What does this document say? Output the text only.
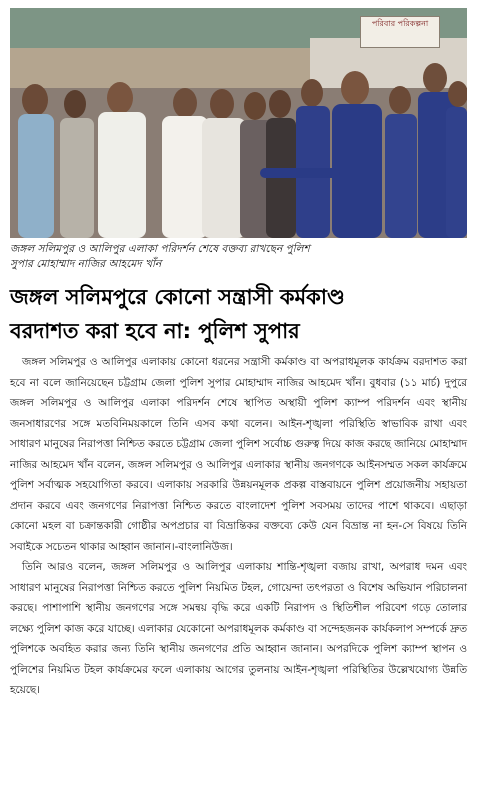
পরিবার পরিকল্পনা
জঙ্গল সলিমপুর ও আলিপুর এলাকা পরিদর্শন শেষে বক্তব্য রাখছেন পুলিশ
সুপার মোহাম্মাদ নাজির আহমেদ খাঁন
জঙ্গল সলিমপুরে কোনো সন্ত্রাসী কর্মকাণ্ড
বরদাশত করা হবে না: পুলিশ সুপার

জঙ্গল সলিমপুর ও আলিপুর এলাকায় কোনো ধরনের সন্ত্রাসী কর্মকাণ্ড বা অপরাধমূলক কার্যক্রম বরদাশত করা হবে না বলে জানিয়েছেন চট্টগ্রাম জেলা পুলিশ সুপার মোহাম্মাদ নাজির আহমেদ খাঁন। বুধবার (১১ মার্চ) দুপুরে জঙ্গল সলিমপুর ও আলিপুর এলাকা পরিদর্শন শেষে স্থাপিত অস্থায়ী পুলিশ ক্যাম্প পরিদর্শন এবং স্থানীয় জনসাধারণের সঙ্গে মতবিনিময়কালে তিনি এসব কথা বলেন। আইন-শৃঙ্খলা পরিস্থিতি স্বাভাবিক রাখা এবং সাধারণ মানুষের নিরাপত্তা নিশ্চিত করতে চট্টগ্রাম জেলা পুলিশ সর্বোচ্চ গুরুত্ব দিয়ে কাজ করছে জানিয়ে মোহাম্মাদ নাজির আহমেদ খাঁন বলেন, জঙ্গল সলিমপুর ও আলিপুর এলাকার স্থানীয় জনগণকে আইনসম্মত সকল কার্যক্রমে পুলিশ সর্বাত্মক সহযোগিতা করবে। এলাকায় সরকারি উন্নয়নমূলক প্রকল্প বাস্তবায়নে পুলিশ প্রয়োজনীয় সহায়তা প্রদান করবে এবং জনগণের নিরাপত্তা নিশ্চিত করতে বাংলাদেশ পুলিশ সবসময় তাদের পাশে থাকবে। এছাড়া কোনো মহল বা চক্রান্তকারী গোষ্ঠীর অপপ্রচার বা বিভ্রান্তিকর বক্তব্যে কেউ যেন বিভ্রান্ত না হন-সে বিষয়ে তিনি সবাইকে সচেতন থাকার আহ্বান জানান।-বাংলানিউজ।

তিনি আরও বলেন, জঙ্গল সলিমপুর ও আলিপুর এলাকায় শান্তি-শৃঙ্খলা বজায় রাখা, অপরাধ দমন এবং সাধারণ মানুষের নিরাপত্তা নিশ্চিত করতে পুলিশ নিয়মিত টহল, গোয়েন্দা তৎপরতা ও বিশেষ অভিযান পরিচালনা করছে। পাশাপাশি স্থানীয় জনগণের সঙ্গে সমন্বয় বৃদ্ধি করে একটি নিরাপদ ও স্থিতিশীল পরিবেশ গড়ে তোলার লক্ষ্যে পুলিশ কাজ করে যাচ্ছে। এলাকার যেকোনো অপরাধমূলক কর্মকাণ্ড বা সন্দেহজনক কার্যকলাপ সম্পর্কে দ্রুত পুলিশকে অবহিত করার জন্য তিনি স্থানীয় জনগণের প্রতি আহ্বান জানান। অপরদিকে পুলিশ ক্যাম্প স্থাপন ও পুলিশের নিয়মিত টহল কার্যক্রমের ফলে এলাকায় আগের তুলনায় আইন-শৃঙ্খলা পরিস্থিতির উল্লেখযোগ্য উন্নতি হয়েছে।
